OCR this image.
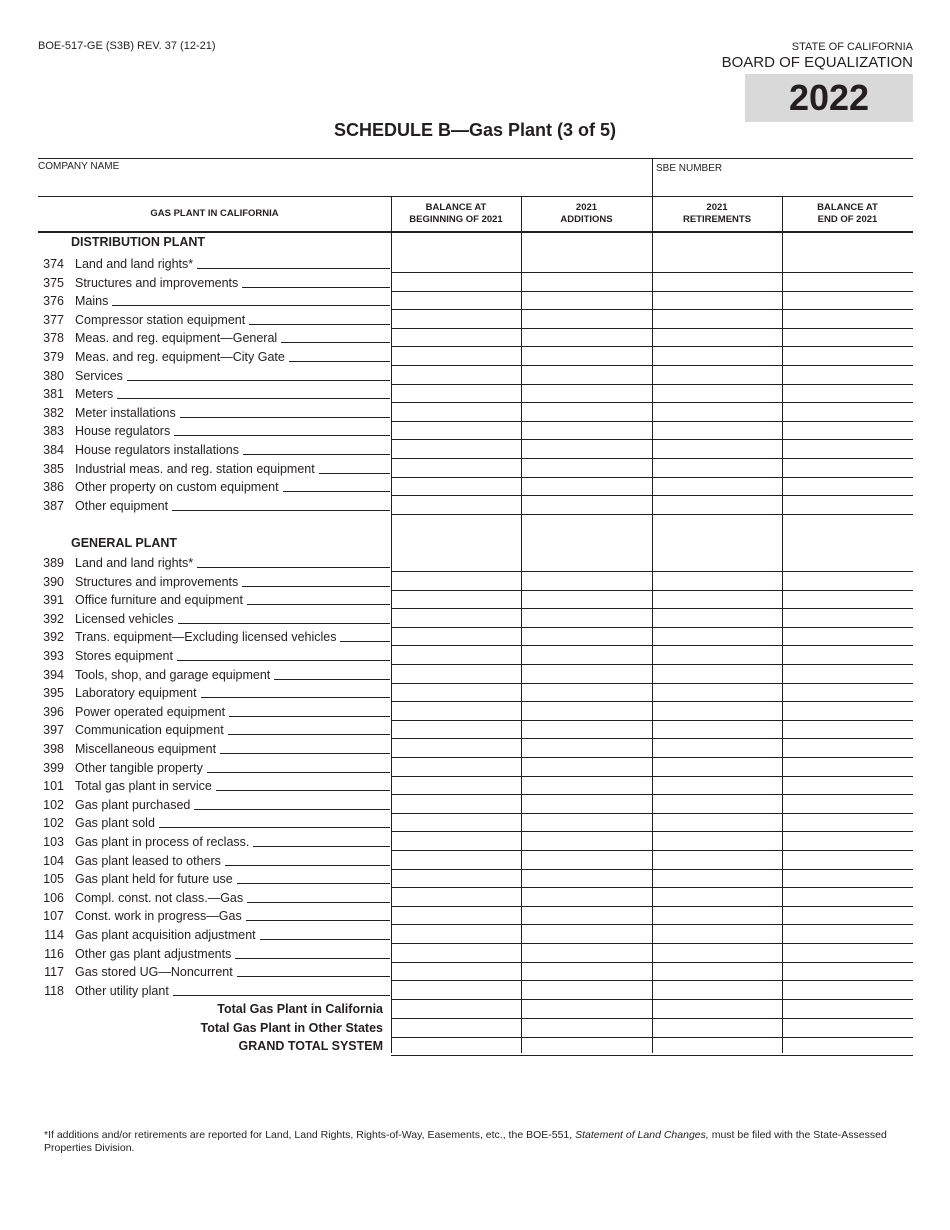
BOE-517-GE (S3B) REV. 37 (12-21)	STATE OF CALIFORNIA
BOARD OF EQUALIZATION
2022
SCHEDULE B—Gas Plant (3 of 5)
COMPANY NAME	SBE NUMBER
GAS PLANT IN CALIFORNIA
BALANCE AT
BEGINNING OF 2021
2021
ADDITIONS
2021
RETIREMENTS
BALANCE AT
END OF 2021
DISTRIBUTION PLANT
374 Land and land rights*
375 Structures and improvements
376 Mains
377 Compressor station equipment
378 Meas. and reg. equipment—General
379 Meas. and reg. equipment—City Gate
380 Services
381 Meters
382 Meter installations
383 House regulators
384 House regulators installations
385 Industrial meas. and reg. station equipment
386 Other property on custom equipment
387 Other equipment
GENERAL PLANT
389 Land and land rights*
390 Structures and improvements
391 Office furniture and equipment
392 Licensed vehicles
392 Trans. equipment—Excluding licensed vehicles
393 Stores equipment
394 Tools, shop, and garage equipment
395 Laboratory equipment
396 Power operated equipment
397 Communication equipment
398 Miscellaneous equipment
399 Other tangible property
101 Total gas plant in service
102 Gas plant purchased
102 Gas plant sold
103 Gas plant in process of reclass.
104 Gas plant leased to others
105 Gas plant held for future use
106 Compl. const. not class.—Gas
107 Const. work in progress—Gas
114 Gas plant acquisition adjustment
116 Other gas plant adjustments
117 Gas stored UG—Noncurrent
118 Other utility plant
Total Gas Plant in California
Total Gas Plant in Other States
GRAND TOTAL SYSTEM
*If additions and/or retirements are reported for Land, Land Rights, Rights-of-Way, Easements, etc., the BOE-551, Statement of Land Changes, must be filed with the State-Assessed Properties Division.
